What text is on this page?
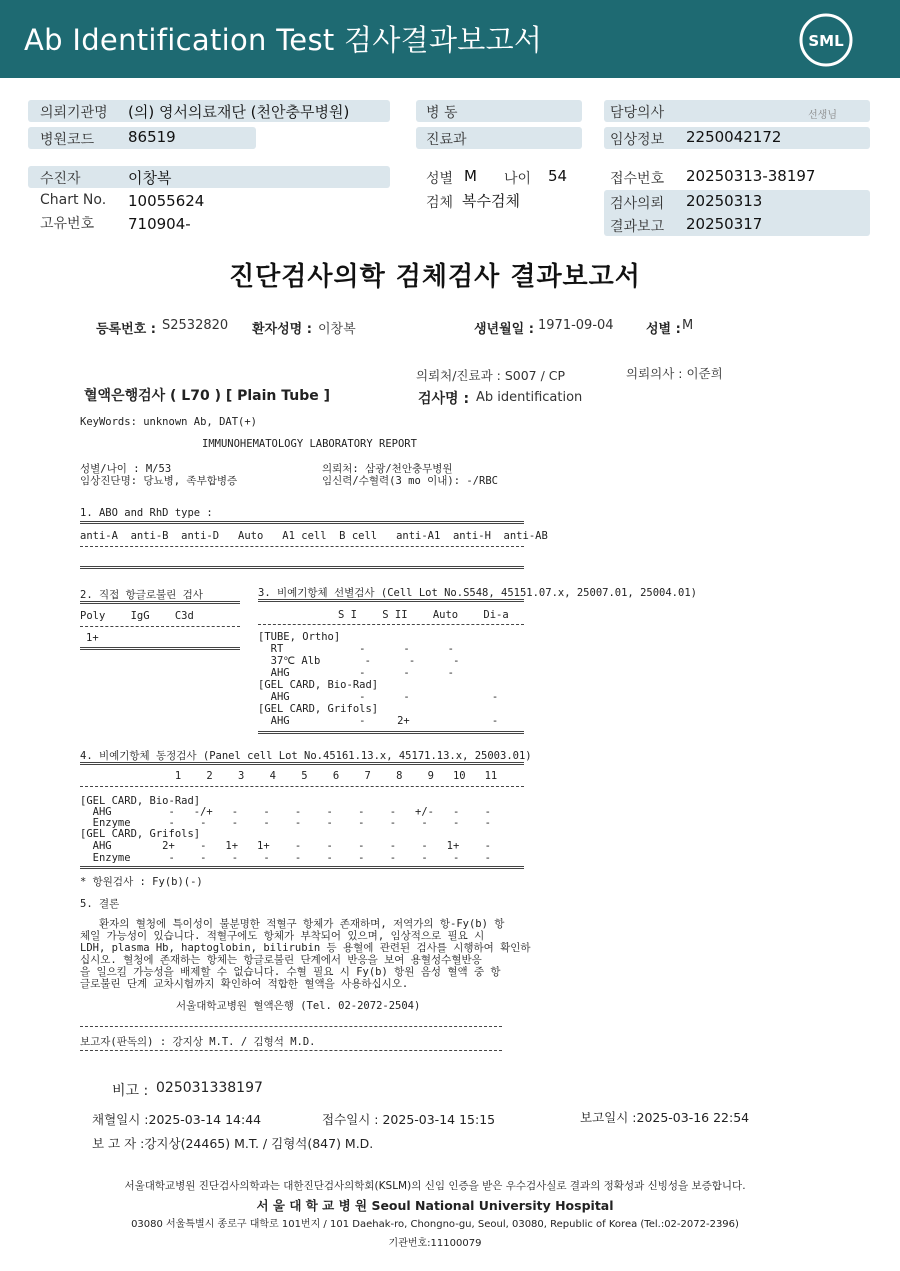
Ab Identification Test 검사결과보고서	SML
의뢰기관명 (의) 영서의료재단 (천안충무병원)	병 동	담당의사	선생님
병원코드 86519	진료과	임상정보 2250042172
수진자	이창복	성별 M 나이 54	접수번호 20250313-38197
Chart No. 10055624	검체 복수검체	검사의뢰 20250313
고유번호 710904-	결과보고 20250317
진단검사의학 검체검사 결과보고서
등록번호 : S2532820 환자성명 : 이창복	생년월일 : 1971-09-04 성별 : M
의뢰처/진료과 : S007 / CP	의뢰의사 : 이준희
혈액은행검사 ( L70 ) [ Plain Tube ]	검사명 : Ab identification
KeyWords: unknown Ab, DAT(+)
IMMUNOHEMATOLOGY LABORATORY REPORT
성별/나이 : M/53
임상진단명: 당뇨병, 족부합병증
의뢰처: 삼광/천안충무병원
임신력/수혈력(3 mo 이내): -/RBC
1. ABO and RhD type :
anti-A  anti-B  anti-D   Auto   A1 cell  B cell   anti-A1  anti-H  anti-AB
2. 직접 항글로불린 검사
Poly    IgG    C3d
1+
3. 비예기항체 선별검사 (Cell Lot No.S548, 45151.07.x, 25007.01, 25004.01)
S I    S II    Auto    Di-a
[TUBE, Ortho]
RT            -      -      -
37℃ Alb       -      -      -
AHG           -      -      -
[GEL CARD, Bio-Rad]
AHG           -      -             -
[GEL CARD, Grifols]
AHG           -     2+             -
4. 비예기항체 동정검사 (Panel cell Lot No.45161.13.x, 45171.13.x, 25003.01)
1    2    3    4    5    6    7    8    9   10   11
[GEL CARD, Bio-Rad]
AHG         -   -/+   -    -    -    -    -    -   +/-   -    -
Enzyme      -    -    -    -    -    -    -    -    -    -    -
[GEL CARD, Grifols]
AHG        2+    -   1+   1+    -    -    -    -    -   1+    -
Enzyme      -    -    -    -    -    -    -    -    -    -    -
* 항원검사 : Fy(b)(-)
5. 결론
환자의 혈청에 특이성이 불분명한 적혈구 항체가 존재하며, 저역가의 항-Fy(b) 항
체일 가능성이 있습니다. 적혈구에도 항체가 부착되어 있으며, 임상적으로 필요 시
LDH, plasma Hb, haptoglobin, bilirubin 등 용혈에 관련된 검사를 시행하여 확인하
십시오. 혈청에 존재하는 항체는 항글로불린 단계에서 반응을 보여 용혈성수혈반응
을 일으킬 가능성을 배제할 수 없습니다. 수혈 필요 시 Fy(b) 항원 음성 혈액 중 항
글로불린 단계 교차시험까지 확인하여 적합한 혈액을 사용하십시오.
서울대학교병원 혈액은행 (Tel. 02-2072-2504)
보고자(판독의) : 강지상 M.T. / 김형석 M.D.
비고 : 025031338197
채혈일시 :2025-03-14 14:44	접수일시 : 2025-03-14 15:15	보고일시 :2025-03-16 22:54
보 고 자 :강지상(24465) M.T. / 김형석(847) M.D.
서울대학교병원 진단검사의학과는 대한진단검사의학회(KSLM)의 신임 인증을 받은 우수검사실로 결과의 정확성과 신빙성을 보증합니다.
서 울 대 학 교 병 원 Seoul National University Hospital
03080 서울특별시 종로구 대학로 101번지 / 101 Daehak-ro, Chongno-gu, Seoul, 03080, Republic of Korea (Tel.:02-2072-2396)
기관번호:11100079
